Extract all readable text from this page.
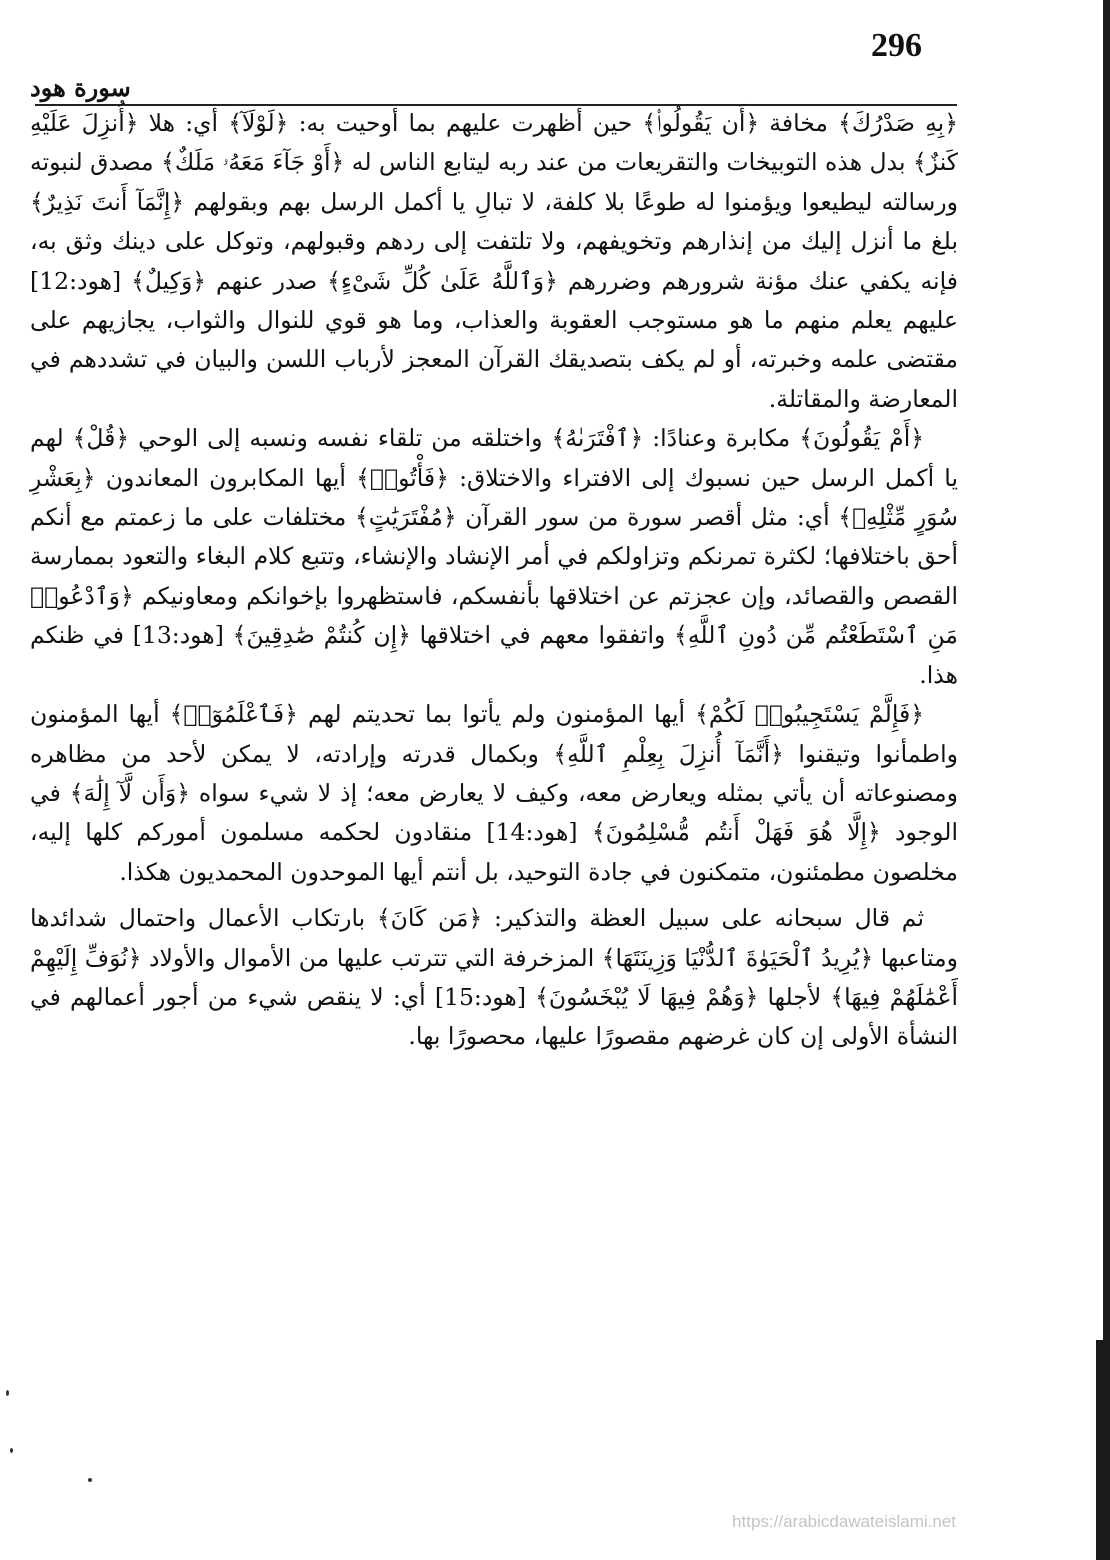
296
سورة هود

﴿بِهِ صَدْرُكَ﴾ مخافة ﴿أَن يَقُولُوا۟﴾ حين أظهرت عليهم بما أوحيت به: ﴿لَوْلَآ﴾ أي: هلا ﴿أُنزِلَ عَلَيْهِ كَنزٌ﴾ بدل هذه التوبيخات والتقريعات من عند ربه ليتابع الناس له ﴿أَوْ جَآءَ مَعَهُۥ مَلَكٌ﴾ مصدق لنبوته ورسالته ليطيعوا ويؤمنوا له طوعًا بلا كلفة، لا تبالِ يا أكمل الرسل بهم وبقولهم ﴿إِنَّمَآ أَنتَ نَذِيرٌ﴾ بلغ ما أنزل إليك من إنذارهم وتخويفهم، ولا تلتفت إلى ردهم وقبولهم، وتوكل على دينك وثق به، فإنه يكفي عنك مؤنة شرورهم وضررهم ﴿وَٱللَّهُ عَلَىٰ كُلِّ شَىْءٍ﴾ صدر عنهم ﴿وَكِيلٌ﴾ [هود:12] عليهم يعلم منهم ما هو مستوجب العقوبة والعذاب، وما هو قوي للنوال والثواب، يجازيهم على مقتضى علمه وخبرته، أو لم يكف بتصديقك القرآن المعجز لأرباب اللسن والبيان في تشددهم في المعارضة والمقاتلة.

﴿أَمْ يَقُولُونَ﴾ مكابرة وعنادًا: ﴿ٱفْتَرَىٰهُ﴾ واختلقه من تلقاء نفسه ونسبه إلى الوحي ﴿قُلْ﴾ لهم يا أكمل الرسل حين نسبوك إلى الافتراء والاختلاق: ﴿فَأْتُوا۟﴾ أيها المكابرون المعاندون ﴿بِعَشْرِ سُوَرٍ مِّثْلِهِۦ﴾ أي: مثل أقصر سورة من سور القرآن ﴿مُفْتَرَيَٰتٍ﴾ مختلفات على ما زعمتم مع أنكم أحق باختلافها؛ لكثرة تمرنكم وتزاولكم في أمر الإنشاد والإنشاء، وتتبع كلام البغاء والتعود بممارسة القصص والقصائد، وإن عجزتم عن اختلاقها بأنفسكم، فاستظهروا بإخوانكم ومعاونيكم ﴿وَٱدْعُوا۟ مَنِ ٱسْتَطَعْتُم مِّن دُونِ ٱللَّهِ﴾ واتفقوا معهم في اختلاقها ﴿إِن كُنتُمْ صَٰدِقِينَ﴾ [هود:13] في ظنكم هذا.

﴿فَإِلَّمْ يَسْتَجِيبُوا۟ لَكُمْ﴾ أيها المؤمنون ولم يأتوا بما تحديتم لهم ﴿فَٱعْلَمُوٓا۟﴾ أيها المؤمنون واطمأنوا وتيقنوا ﴿أَنَّمَآ أُنزِلَ بِعِلْمِ ٱللَّهِ﴾ وبكمال قدرته وإرادته، لا يمكن لأحد من مظاهره ومصنوعاته أن يأتي بمثله ويعارض معه، وكيف لا يعارض معه؛ إذ لا شيء سواه ﴿وَأَن لَّآ إِلَٰهَ﴾ في الوجود ﴿إِلَّا هُوَ فَهَلْ أَنتُم مُّسْلِمُونَ﴾ [هود:14] منقادون لحكمه مسلمون أموركم كلها إليه، مخلصون مطمئنون، متمكنون في جادة التوحيد، بل أنتم أيها الموحدون المحمديون هكذا.

ثم قال سبحانه على سبيل العظة والتذكير: ﴿مَن كَانَ﴾ بارتكاب الأعمال واحتمال شدائدها ومتاعبها ﴿يُرِيدُ ٱلْحَيَوٰةَ ٱلدُّنْيَا وَزِينَتَهَا﴾ المزخرفة التي تترتب عليها من الأموال والأولاد ﴿نُوَفِّ إِلَيْهِمْ أَعْمَٰلَهُمْ فِيهَا﴾ لأجلها ﴿وَهُمْ فِيهَا لَا يُبْخَسُونَ﴾ [هود:15] أي: لا ينقص شيء من أجور أعمالهم في النشأة الأولى إن كان غرضهم مقصورًا عليها، محصورًا بها.

https://arabicdawateislami.net
